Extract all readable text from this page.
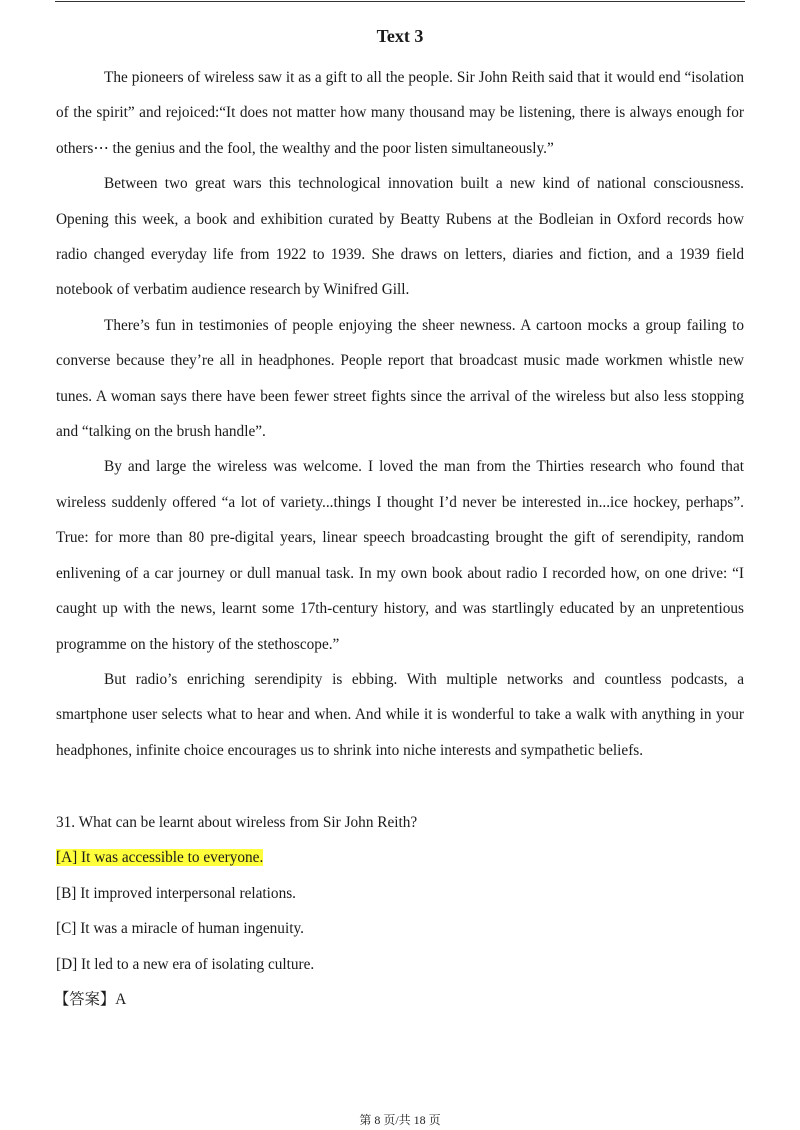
Text 3

The pioneers of wireless saw it as a gift to all the people. Sir John Reith said that it would end “isolation of the spirit” and rejoiced:“It does not matter how many thousand may be listening, there is always enough for others⋯ the genius and the fool, the wealthy and the poor listen simultaneously.”

Between two great wars this technological innovation built a new kind of national consciousness. Opening this week, a book and exhibition curated by Beatty Rubens at the Bodleian in Oxford records how radio changed everyday life from 1922 to 1939. She draws on letters, diaries and fiction, and a 1939 field notebook of verbatim audience research by Winifred Gill.

There’s fun in testimonies of people enjoying the sheer newness. A cartoon mocks a group failing to converse because they’re all in headphones. People report that broadcast music made workmen whistle new tunes. A woman says there have been fewer street fights since the arrival of the wireless but also less stopping and “talking on the brush handle”.

By and large the wireless was welcome. I loved the man from the Thirties research who found that wireless suddenly offered “a lot of variety...things I thought I’d never be interested in...ice hockey, perhaps”. True: for more than 80 pre-digital years, linear speech broadcasting brought the gift of serendipity, random enlivening of a car journey or dull manual task. In my own book about radio I recorded how, on one drive: “I caught up with the news, learnt some 17th-century history, and was startlingly educated by an unpretentious programme on the history of the stethoscope.”

But radio’s enriching serendipity is ebbing. With multiple networks and countless podcasts, a smartphone user selects what to hear and when. And while it is wonderful to take a walk with anything in your headphones, infinite choice encourages us to shrink into niche interests and sympathetic beliefs.

31. What can be learnt about wireless from Sir John Reith?
[A] It was accessible to everyone.
[B] It improved interpersonal relations.
[C] It was a miracle of human ingenuity.
[D] It led to a new era of isolating culture.
【答案】A
第 8 页/共 18 页
